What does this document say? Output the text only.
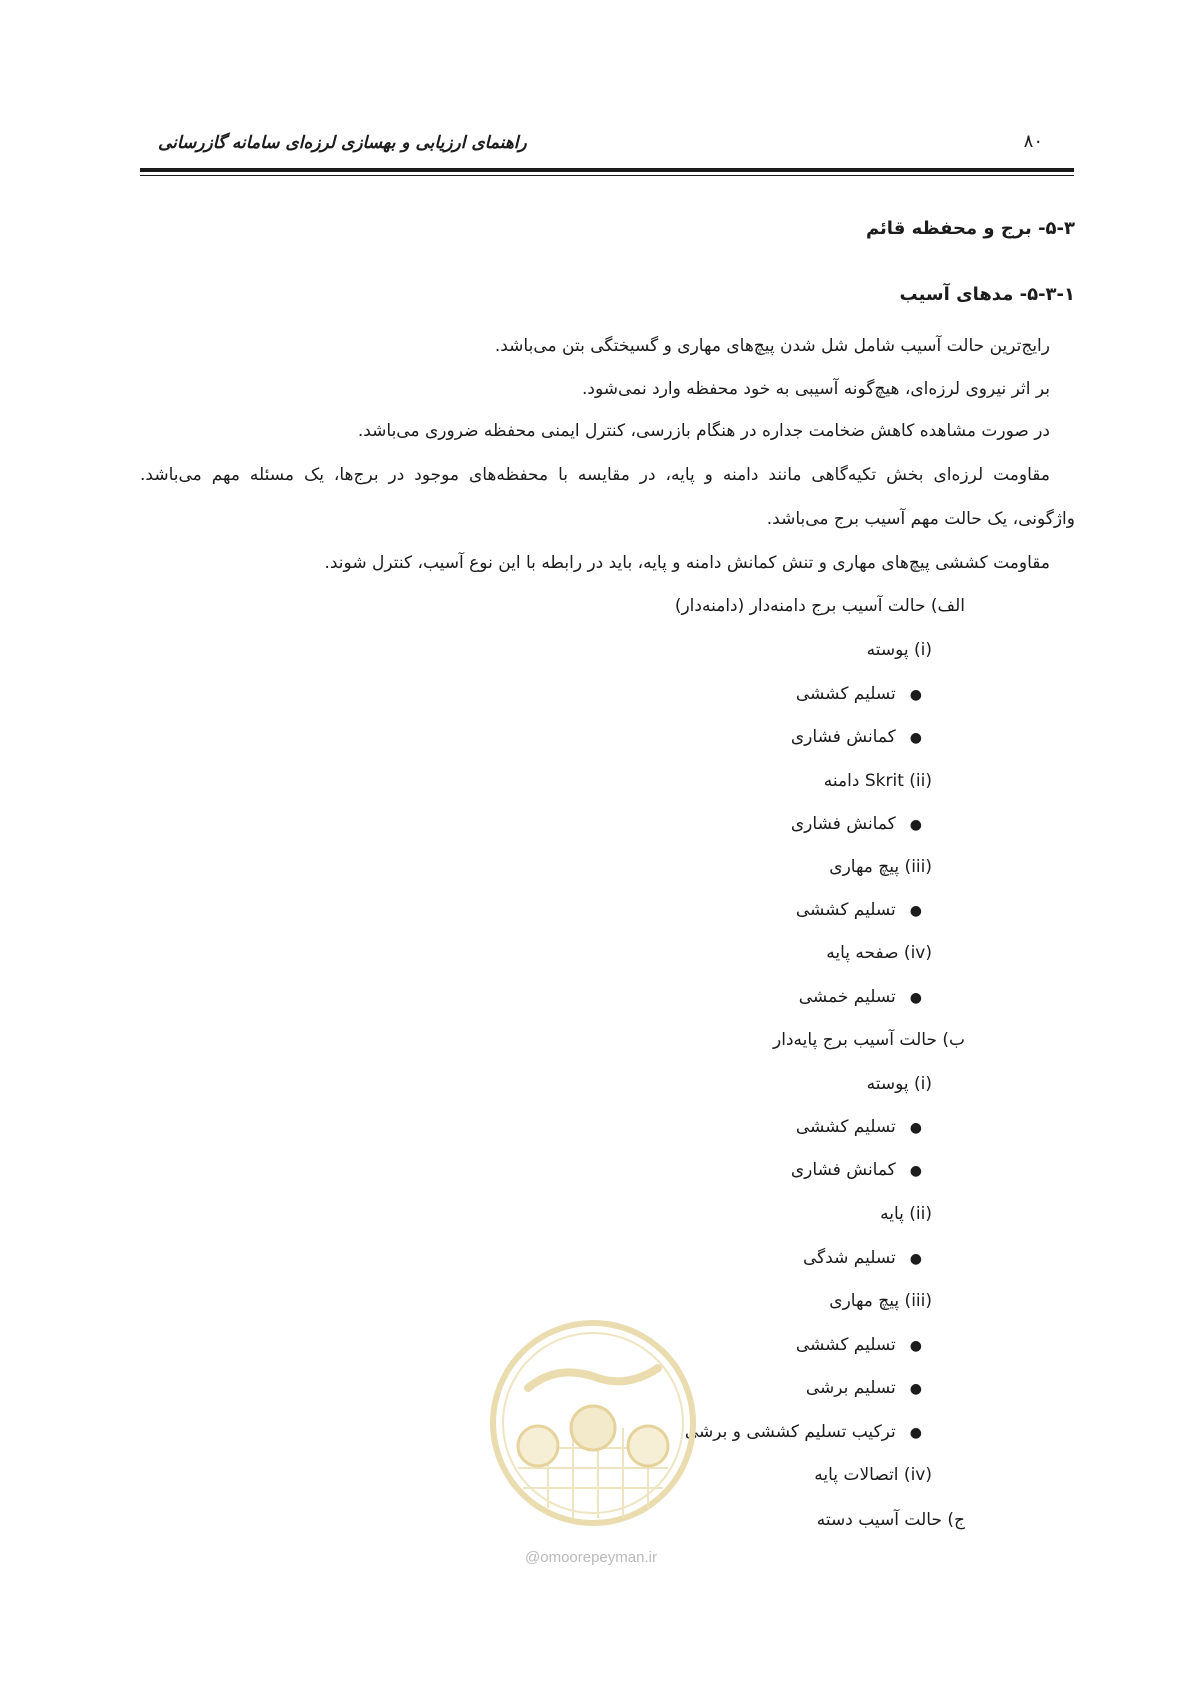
راهنمای ارزیابی و بهسازی لرزه‌ای سامانه گازرسانی	۸۰
۵-۳- برج و محفظه قائم
۵-۳-۱- مدهای آسیب
رایج‌ترین حالت آسیب شامل شل شدن پیچ‌های مهاری و گسیختگی بتن می‌باشد.
بر اثر نیروی لرزه‌ای، هیچ‌گونه آسیبی به خود محفظه وارد نمی‌شود.
در صورت مشاهده کاهش ضخامت جداره در هنگام بازرسی، کنترل ایمنی محفظه ضروری می‌باشد.
مقاومت لرزه‌ای بخش تکیه‌گاهی مانند دامنه و پایه، در مقایسه با محفظه‌های موجود در برج‌ها، یک مسئله مهم می‌باشد.
واژگونی، یک حالت مهم آسیب برج می‌باشد.
مقاومت کششی پیچ‌های مهاری و تنش کمانش دامنه و پایه، باید در رابطه با این نوع آسیب، کنترل شوند.
الف) حالت آسیب برج دامنه‌دار (دامنه‌دار)
(i) پوسته
●تسلیم کششی
●کمانش فشاری
(ii) Skrit دامنه
●کمانش فشاری
(iii) پیچ مهاری
●تسلیم کششی
(iv) صفحه پایه
●تسلیم خمشی
ب) حالت آسیب برج پایه‌دار
(i) پوسته
●تسلیم کششی
●کمانش فشاری
(ii) پایه
●تسلیم شدگی
(iii) پیچ مهاری
●تسلیم کششی
●تسلیم برشی
●ترکیب تسلیم کششی و برشی
(iv) اتصالات پایه
ج) حالت آسیب دسته
@omoorepeyman.ir
